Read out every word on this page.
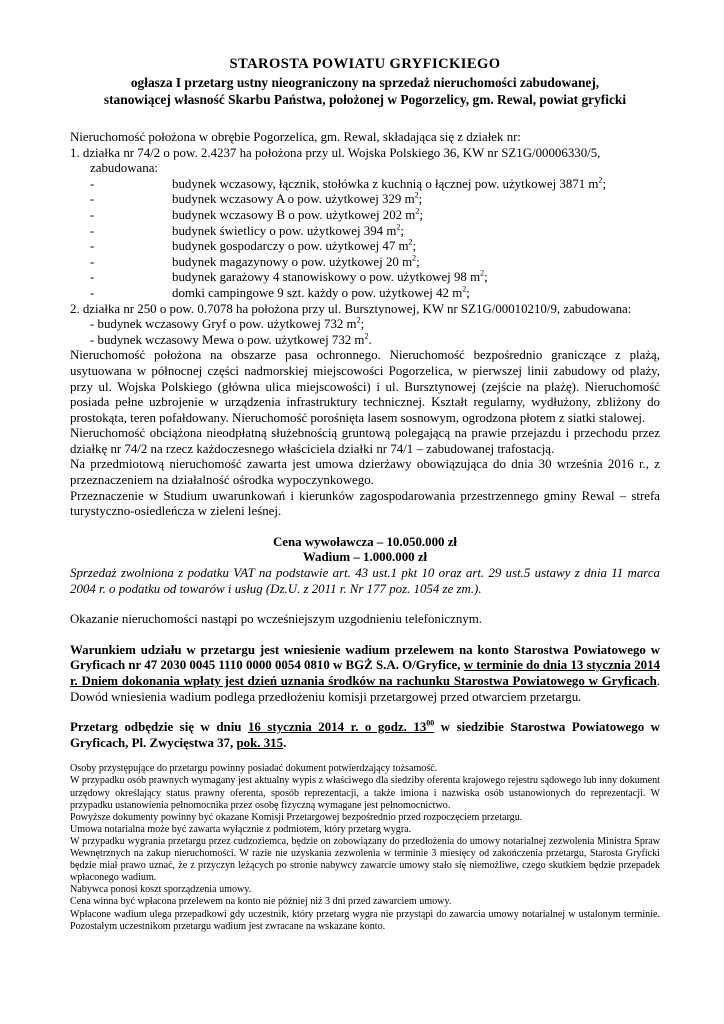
STAROSTA POWIATU GRYFICKIEGO
ogłasza I przetarg ustny nieograniczony na sprzedaż nieruchomości zabudowanej,
stanowiącej własność Skarbu Państwa, położonej w Pogorzelicy, gm. Rewal, powiat gryficki

Nieruchomość położona w obrębie Pogorzelica, gm. Rewal, składająca się z działek nr:

1. działka nr 74/2 o pow. 2.4237 ha położona przy ul. Wojska Polskiego 36, KW nr SZ1G/00006330/5,

zabudowana:

-	budynek wczasowy, łącznik, stołówka z kuchnią o łącznej pow. użytkowej 3871 $m^2$;
-	budynek wczasowy A o pow. użytkowej 329 $m^2$;
-	budynek wczasowy B o pow. użytkowej 202 $m^2$;
-	budynek świetlicy o pow. użytkowej 394 $m^2$;
-	budynek gospodarczy o pow. użytkowej 47 $m^2$;
-	budynek magazynowy o pow. użytkowej 20 $m^2$;
-	budynek garażowy 4 stanowiskowy o pow. użytkowej 98 $m^2$;
-	domki campingowe 9 szt. każdy o pow. użytkowej 42 $m^2$;

2. działka nr 250 o pow. 0.7078 ha położona przy ul. Bursztynowej, KW nr SZ1G/00010210/9, zabudowana:

- budynek wczasowy Gryf o pow. użytkowej 732 $m^2$;

- budynek wczasowy Mewa o pow. użytkowej 732 $m^2$.

Nieruchomość położona na obszarze pasa ochronnego. Nieruchomość bezpośrednio graniczące z plażą, usytuowana w północnej części nadmorskiej miejscowości Pogorzelica, w pierwszej linii zabudowy od plaży, przy ul. Wojska Polskiego (główna ulica miejscowości) i ul. Bursztynowej (zejście na plażę). Nieruchomość posiada pełne uzbrojenie w urządzenia infrastruktury technicznej. Kształt regularny, wydłużony, zbliżony do prostokąta, teren pofałdowany. Nieruchomość porośnięta lasem sosnowym, ogrodzona płotem z siatki stalowej.

Nieruchomość obciążona nieodpłatną służebnością gruntową polegającą na prawie przejazdu i przechodu przez działkę nr 74/2 na rzecz każdoczesnego właściciela działki nr 74/1 – zabudowanej trafostacją.

Na przedmiotową nieruchomość zawarta jest umowa dzierżawy obowiązująca do dnia 30 września 2016 r., z przeznaczeniem na działalność ośrodka wypoczynkowego.

Przeznaczenie w Studium uwarunkowań i kierunków zagospodarowania przestrzennego gminy Rewal – strefa turystyczno-osiedleńcza w zieleni leśnej.

Cena wywoławcza – 10.050.000 zł
Wadium – 1.000.000 zł

Sprzedaż zwolniona z podatku VAT na podstawie art. 43 ust.1 pkt 10 oraz art. 29 ust.5 ustawy z dnia 11 marca 2004 r. o podatku od towarów i usług (Dz.U. z 2011 r. Nr 177 poz. 1054 ze zm.).

Okazanie nieruchomości nastąpi po wcześniejszym uzgodnieniu telefonicznym.

Warunkiem udziału w przetargu jest wniesienie wadium przelewem na konto Starostwa Powiatowego w Gryficach nr 47 2030 0045 1110 0000 0054 0810 w BGŻ S.A. O/Gryfice, w terminie do dnia 13 stycznia 2014 r. Dniem dokonania wpłaty jest dzień uznania środków na rachunku Starostwa Powiatowego w Gryficach. Dowód wniesienia wadium podlega przedłożeniu komisji przetargowej przed otwarciem przetargu.

Przetarg odbędzie się w dniu 16 stycznia 2014 r. o godz. $13^{00}$ w siedzibie Starostwa Powiatowego w Gryficach, Pl. Zwycięstwa 37, pok. 315.

Osoby przystępujące do przetargu powinny posiadać dokument potwierdzający tożsamość.

W przypadku osób prawnych wymagany jest aktualny wypis z właściwego dla siedziby oferenta krajowego rejestru sądowego lub inny dokument urzędowy określający status prawny oferenta, sposób reprezentacji, a także imiona i nazwiska osób ustanowionych do reprezentacji. W przypadku ustanowienia pełnomocnika przez osobę fizyczną wymagane jest pełnomocnictwo.

Powyższe dokumenty powinny być okazane Komisji Przetargowej bezpośrednio przed rozpoczęciem przetargu.

Umowa notarialna może być zawarta wyłącznie z podmiotem, który przetarg wygra.

W przypadku wygrania przetargu przez cudzoziemca, będzie on zobowiązany do przedłożenia do umowy notarialnej zezwolenia Ministra Spraw Wewnętrznych na zakup nieruchomości. W razie nie uzyskania zezwolenia w terminie 3 miesięcy od zakończenia przetargu, Starosta Gryficki będzie miał prawo uznać, że z przyczyn leżących po stronie nabywcy zawarcie umowy stało się niemożliwe, czego skutkiem będzie przepadek wpłaconego wadium.

Nabywca ponosi koszt sporządzenia umowy.

Cena winna być wpłacona przelewem na konto nie później niż 3 dni przed zawarciem umowy.

Wpłacone wadium ulega przepadkowi gdy uczestnik, który przetarg wygra nie przystąpi do zawarcia umowy notarialnej w ustalonym terminie. Pozostałym uczestnikom przetargu wadium jest zwracane na wskazane konto.
